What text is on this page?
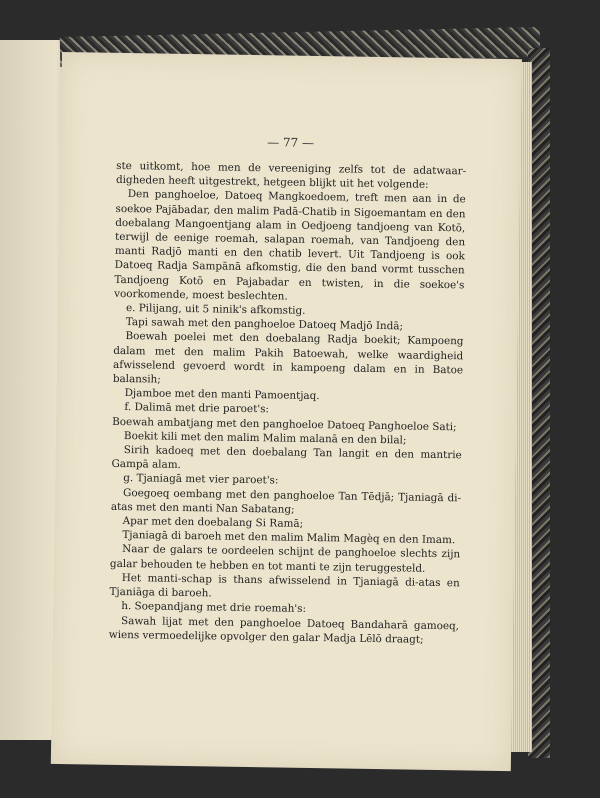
— 77 —

ste uitkomt, hoe men de vereeniging zelfs tot de adatwaar-digheden heeft uitgestrekt, hetgeen blijkt uit het volgende:

Den panghoeloe, Datoeq Mangkoedoem, treft men aan in de soekoe Pajābadar, den malim Padā-Chatib in Sigoemantam en den doebalang Mangoentjang alam in Oedjoeng tandjoeng van Kotō, terwijl de eenige roemah, salapan roemah, van Tandjoeng den manti Radjō manti en den chatib levert. Uit Tandjoeng is ook Datoeq Radja Sampānā afkomstig, die den band vormt tusschen Tandjoeng Kotō en Pajabadar en twisten, in die soekoe's voorkomende, moest beslechten.

e. Pilijang, uit 5 ninik's afkomstig.

Tapi sawah met den panghoeloe Datoeq Madjō Indā;

Boewah poelei met den doebalang Radja boekit; Kampoeng dalam met den malim Pakih Batoewah, welke waardigheid afwisselend gevoerd wordt in kampoeng dalam en in Batoe balansih;

Djamboe met den manti Pamoentjaq.

f. Dalimā met drie paroet's:

Boewah ambatjang met den panghoeloe Datoeq Panghoeloe Sati;

Boekit kili met den malim Malim malanā en den bilal;

Sirih kadoeq met den doebalang Tan langit en den mantrie Gampā alam.

g. Tjaniagā met vier paroet's:

Goegoeq oembang met den panghoeloe Tan Tēdjā; Tjaniagā di-atas met den manti Nan Sabatang;

Apar met den doebalang Si Ramā;

Tjaniagā di baroeh met den malim Malim Magèq en den Imam.

Naar de galars te oordeelen schijnt de panghoeloe slechts zijn galar behouden te hebben en tot manti te zijn teruggesteld.

Het manti-schap is thans afwisselend in Tjaniagā di-atas en Tjaniāga di baroeh.

h. Soepandjang met drie roemah's:

Sawah lijat met den panghoeloe Datoeq Bandaharā gamoeq, wiens vermoedelijke opvolger den galar Madja Lēlō draagt;
